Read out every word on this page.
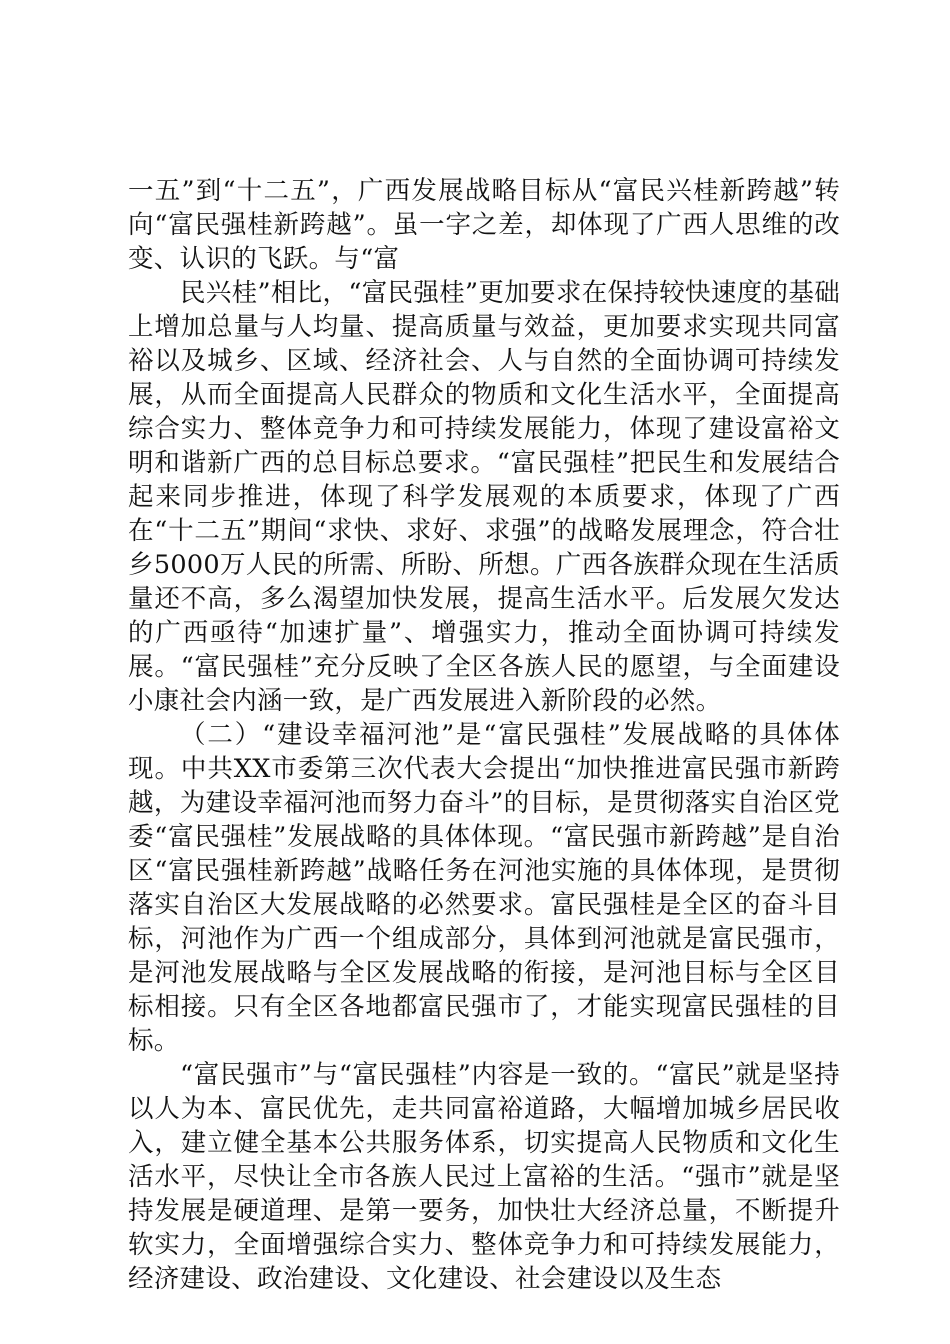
一五”到“十二五”，广西发展战略目标从“富民兴桂新跨越”转向“富民强桂新跨越”。虽一字之差，却体现了广西人思维的改变、认识的飞跃。与“富

民兴桂”相比，“富民强桂”更加要求在保持较快速度的基础上增加总量与人均量、提高质量与效益，更加要求实现共同富裕以及城乡、区域、经济社会、人与自然的全面协调可持续发展，从而全面提高人民群众的物质和文化生活水平，全面提高综合实力、整体竞争力和可持续发展能力，体现了建设富裕文明和谐新广西的总目标总要求。“富民强桂”把民生和发展结合起来同步推进，体现了科学发展观的本质要求，体现了广西在“十二五”期间“求快、求好、求强”的战略发展理念，符合壮乡5000万人民的所需、所盼、所想。广西各族群众现在生活质量还不高，多么渴望加快发展，提高生活水平。后发展欠发达的广西亟待“加速扩量”、增强实力，推动全面协调可持续发展。“富民强桂”充分反映了全区各族人民的愿望，与全面建设小康社会内涵一致，是广西发展进入新阶段的必然。

（二）“建设幸福河池”是“富民强桂”发展战略的具体体现。中共XX市委第三次代表大会提出“加快推进富民强市新跨越，为建设幸福河池而努力奋斗”的目标，是贯彻落实自治区党委“富民强桂”发展战略的具体体现。“富民强市新跨越”是自治区“富民强桂新跨越”战略任务在河池实施的具体体现，是贯彻落实自治区大发展战略的必然要求。富民强桂是全区的奋斗目标，河池作为广西一个组成部分，具体到河池就是富民强市，是河池发展战略与全区发展战略的衔接，是河池目标与全区目标相接。只有全区各地都富民强市了，才能实现富民强桂的目标。

“富民强市”与“富民强桂”内容是一致的。“富民”就是坚持以人为本、富民优先，走共同富裕道路，大幅增加城乡居民收入，建立健全基本公共服务体系，切实提高人民物质和文化生活水平，尽快让全市各族人民过上富裕的生活。“强市”就是坚持发展是硬道理、是第一要务，加快壮大经济总量，不断提升软实力，全面增强综合实力、整体竞争力和可持续发展能力，经济建设、政治建设、文化建设、社会建设以及生态
